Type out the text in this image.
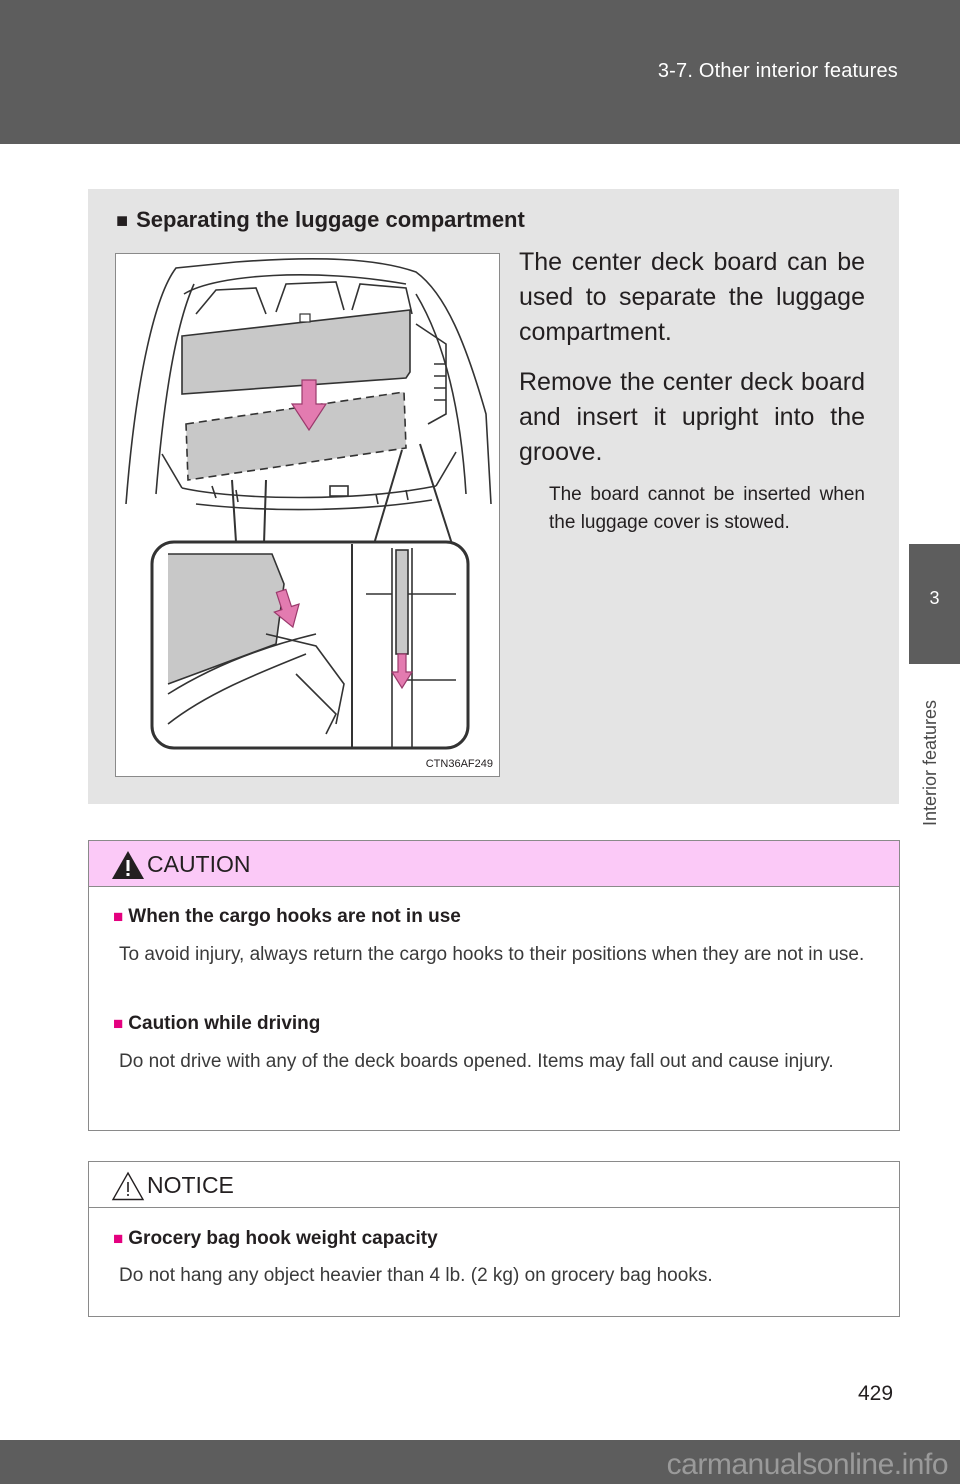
3-7. Other interior features
3
Interior features
■ Separating the luggage compartment
CTN36AF249
The center deck board can be used to separate the luggage compartment.
Remove the center deck board and insert it upright into the groove.
The board cannot be inserted when the luggage cover is stowed.
CAUTION
■ When the cargo hooks are not in use
To avoid injury, always return the cargo hooks to their positions when they are not in use.
■ Caution while driving
Do not drive with any of the deck boards opened. Items may fall out and cause injury.
NOTICE
■ Grocery bag hook weight capacity
Do not hang any object heavier than 4 lb. (2 kg) on grocery bag hooks.
429
carmanualsonline.info
